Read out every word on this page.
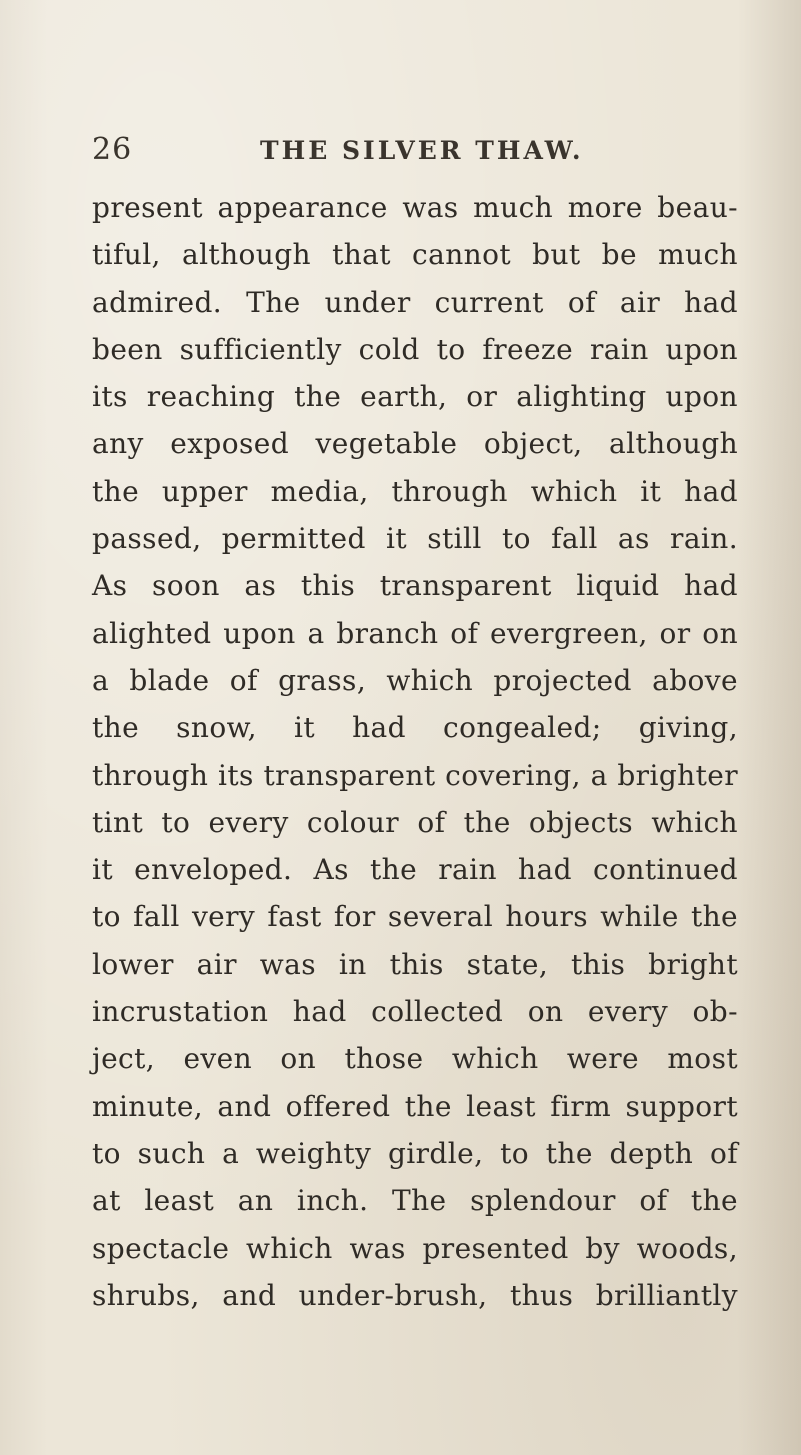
26	THE SILVER THAW.
present appearance was much more beau-
tiful, although that cannot but be much
admired. The under current of air had
been sufficiently cold to freeze rain upon
its reaching the earth, or alighting upon
any exposed vegetable object, although
the upper media, through which it had
passed, permitted it still to fall as rain.
As soon as this transparent liquid had
alighted upon a branch of evergreen, or on
a blade of grass, which projected above
the snow, it had congealed; giving,
through its transparent covering, a brighter
tint to every colour of the objects which
it enveloped. As the rain had continued
to fall very fast for several hours while the
lower air was in this state, this bright
incrustation had collected on every ob-
ject, even on those which were most
minute, and offered the least firm support
to such a weighty girdle, to the depth of
at least an inch. The splendour of the
spectacle which was presented by woods,
shrubs, and under-brush, thus brilliantly
